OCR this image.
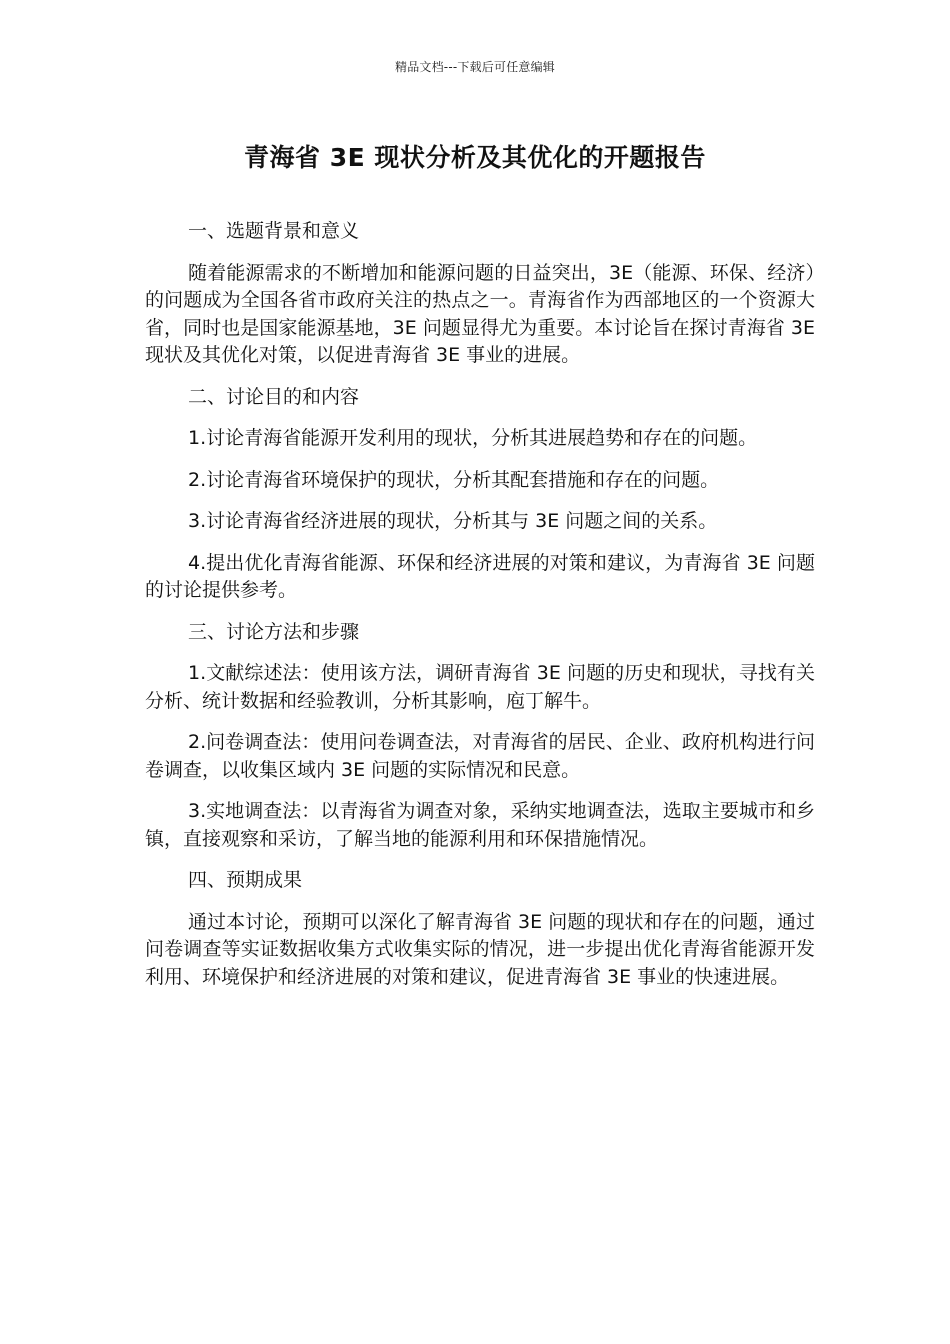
精品文档---下载后可任意编辑
青海省 3E 现状分析及其优化的开题报告

一、选题背景和意义

随着能源需求的不断增加和能源问题的日益突出，3E（能源、环保、经济）的问题成为全国各省市政府关注的热点之一。青海省作为西部地区的一个资源大省，同时也是国家能源基地，3E 问题显得尤为重要。本讨论旨在探讨青海省 3E 现状及其优化对策，以促进青海省 3E 事业的进展。

二、讨论目的和内容

1.讨论青海省能源开发利用的现状，分析其进展趋势和存在的问题。

2.讨论青海省环境保护的现状，分析其配套措施和存在的问题。

3.讨论青海省经济进展的现状，分析其与 3E 问题之间的关系。

4.提出优化青海省能源、环保和经济进展的对策和建议，为青海省 3E 问题的讨论提供参考。

三、讨论方法和步骤

1.文献综述法：使用该方法，调研青海省 3E 问题的历史和现状，寻找有关分析、统计数据和经验教训，分析其影响，庖丁解牛。

2.问卷调查法：使用问卷调查法，对青海省的居民、企业、政府机构进行问卷调查，以收集区域内 3E 问题的实际情况和民意。

3.实地调查法：以青海省为调查对象，采纳实地调查法，选取主要城市和乡镇，直接观察和采访，了解当地的能源利用和环保措施情况。

四、预期成果

通过本讨论，预期可以深化了解青海省 3E 问题的现状和存在的问题，通过问卷调查等实证数据收集方式收集实际的情况，进一步提出优化青海省能源开发利用、环境保护和经济进展的对策和建议，促进青海省 3E 事业的快速进展。
